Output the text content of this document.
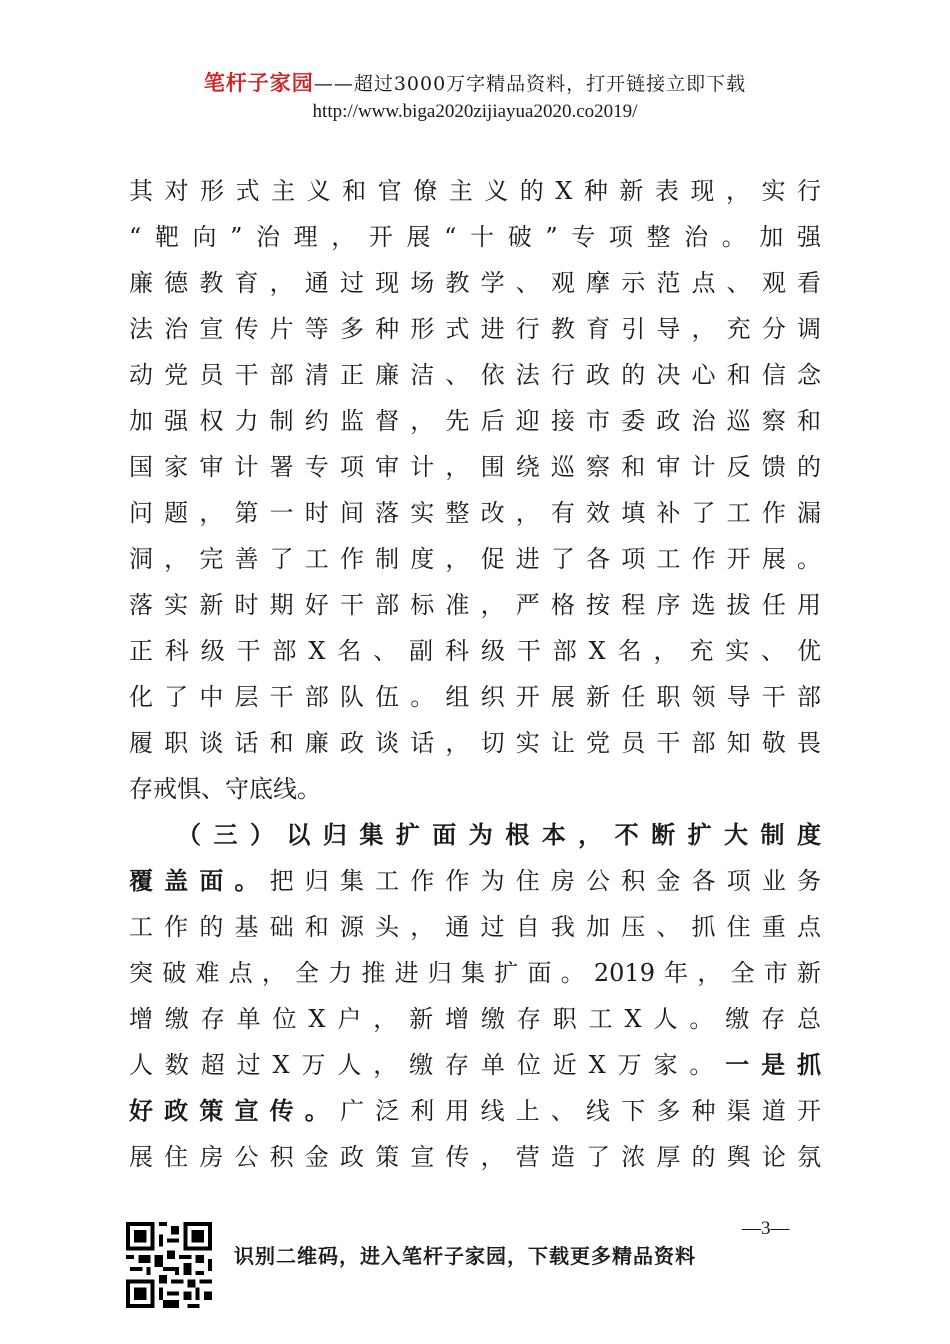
笔杆子家园——超过3000万字精品资料，打开链接立即下载
http://www.biga2020zijiayua2020.co2019/
其对形式主义和官僚主义的X种新表现，实行
“靶向”治理，开展“十破”专项整治。加强
廉德教育，通过现场教学、观摩示范点、观看
法治宣传片等多种形式进行教育引导，充分调
动党员干部清正廉洁、依法行政的决心和信念
加强权力制约监督，先后迎接市委政治巡察和
国家审计署专项审计，围绕巡察和审计反馈的
问题，第一时间落实整改，有效填补了工作漏
洞，完善了工作制度，促进了各项工作开展。
落实新时期好干部标准，严格按程序选拔任用
正科级干部X名、副科级干部X名，充实、优
化了中层干部队伍。组织开展新任职领导干部
履职谈话和廉政谈话，切实让党员干部知敬畏
存戒惧、守底线。
（三）以归集扩面为根本，不断扩大制度
覆盖面。把归集工作作为住房公积金各项业务
工作的基础和源头，通过自我加压、抓住重点
突破难点，全力推进归集扩面。2019年，全市新
增缴存单位X户，新增缴存职工X人。缴存总
人数超过X万人，缴存单位近X万家。一是抓
好政策宣传。广泛利用线上、线下多种渠道开
展住房公积金政策宣传，营造了浓厚的舆论氛
—3—
识别二维码，进入笔杆子家园，下载更多精品资料
